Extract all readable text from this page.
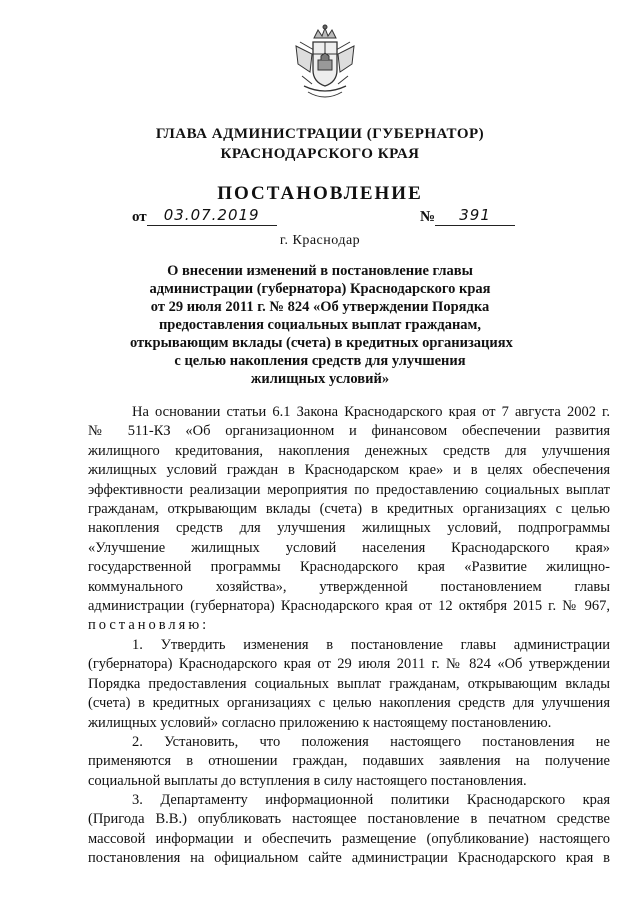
ГЛАВА АДМИНИСТРАЦИИ (ГУБЕРНАТОР)
КРАСНОДАРСКОГО КРАЯ
ПОСТАНОВЛЕНИЕ
от 03.07.2019	№ 391
г. Краснодар
О внесении изменений в постановление главы
администрации (губернатора) Краснодарского края
от 29 июля 2011 г. № 824 «Об утверждении Порядка
предоставления социальных выплат гражданам,
открывающим вклады (счета) в кредитных организациях
с целью накопления средств для улучшения
жилищных условий»
На основании статьи 6.1 Закона Краснодарского края от 7 августа 2002 г.
№ 511-КЗ «Об организационном и финансовом обеспечении развития
жилищного кредитования, накопления денежных средств для улучшения
жилищных условий граждан в Краснодарском крае» и в целях обеспечения
эффективности реализации мероприятия по предоставлению социальных выплат
гражданам, открывающим вклады (счета) в кредитных организациях с целью
накопления средств для улучшения жилищных условий, подпрограммы
«Улучшение жилищных условий населения Краснодарского края»
государственной программы Краснодарского края «Развитие жилищно-
коммунального хозяйства», утвержденной постановлением главы
администрации (губернатора) Краснодарского края от 12 октября 2015 г. № 967,
постановляю:
1. Утвердить изменения в постановление главы администрации
(губернатора) Краснодарского края от 29 июля 2011 г. № 824 «Об утверждении
Порядка предоставления социальных выплат гражданам, открывающим вклады
(счета) в кредитных организациях с целью накопления средств для улучшения
жилищных условий» согласно приложению к настоящему постановлению.
2. Установить, что положения настоящего постановления не
применяются в отношении граждан, подавших заявления на получение
социальной выплаты до вступления в силу настоящего постановления.
3. Департаменту информационной политики Краснодарского края
(Пригода В.В.) опубликовать настоящее постановление в печатном средстве
массовой информации и обеспечить размещение (опубликование) настоящего
постановления на официальном сайте администрации Краснодарского края в
